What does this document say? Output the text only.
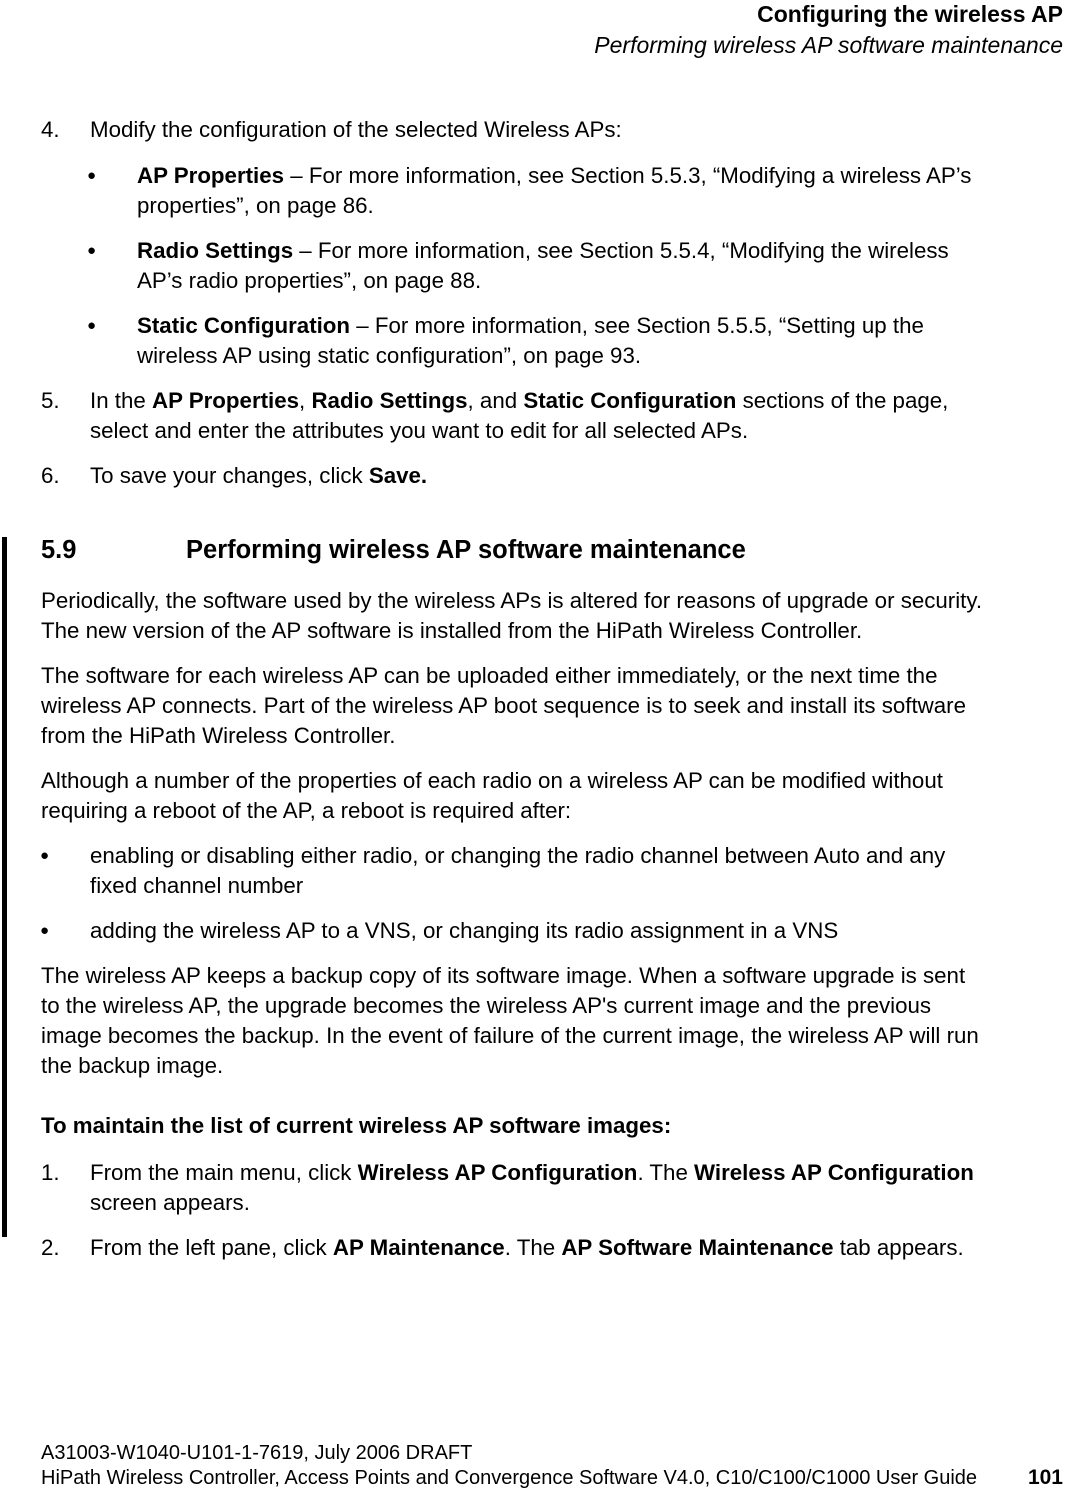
Configuring the wireless AP
Performing wireless AP software maintenance
4. Modify the configuration of the selected Wireless APs:
● AP Properties – For more information, see Section 5.5.3, “Modifying a wireless AP’s
properties”, on page 86.
● Radio Settings – For more information, see Section 5.5.4, “Modifying the wireless
AP’s radio properties”, on page 88.
● Static Configuration – For more information, see Section 5.5.5, “Setting up the
wireless AP using static configuration”, on page 93.
5. In the AP Properties, Radio Settings, and Static Configuration sections of the page,
select and enter the attributes you want to edit for all selected APs.
6. To save your changes, click Save.
5.9	Performing wireless AP software maintenance
Periodically, the software used by the wireless APs is altered for reasons of upgrade or security.
The new version of the AP software is installed from the HiPath Wireless Controller.
The software for each wireless AP can be uploaded either immediately, or the next time the
wireless AP connects. Part of the wireless AP boot sequence is to seek and install its software
from the HiPath Wireless Controller.
Although a number of the properties of each radio on a wireless AP can be modified without
requiring a reboot of the AP, a reboot is required after:
● enabling or disabling either radio, or changing the radio channel between Auto and any
fixed channel number
● adding the wireless AP to a VNS, or changing its radio assignment in a VNS
The wireless AP keeps a backup copy of its software image. When a software upgrade is sent
to the wireless AP, the upgrade becomes the wireless AP's current image and the previous
image becomes the backup. In the event of failure of the current image, the wireless AP will run
the backup image.
To maintain the list of current wireless AP software images:
1. From the main menu, click Wireless AP Configuration. The Wireless AP Configuration
screen appears.
2. From the left pane, click AP Maintenance. The AP Software Maintenance tab appears.
A31003-W1040-U101-1-7619, July 2006 DRAFT
HiPath Wireless Controller, Access Points and Convergence Software V4.0, C10/C100/C1000 User Guide 101
